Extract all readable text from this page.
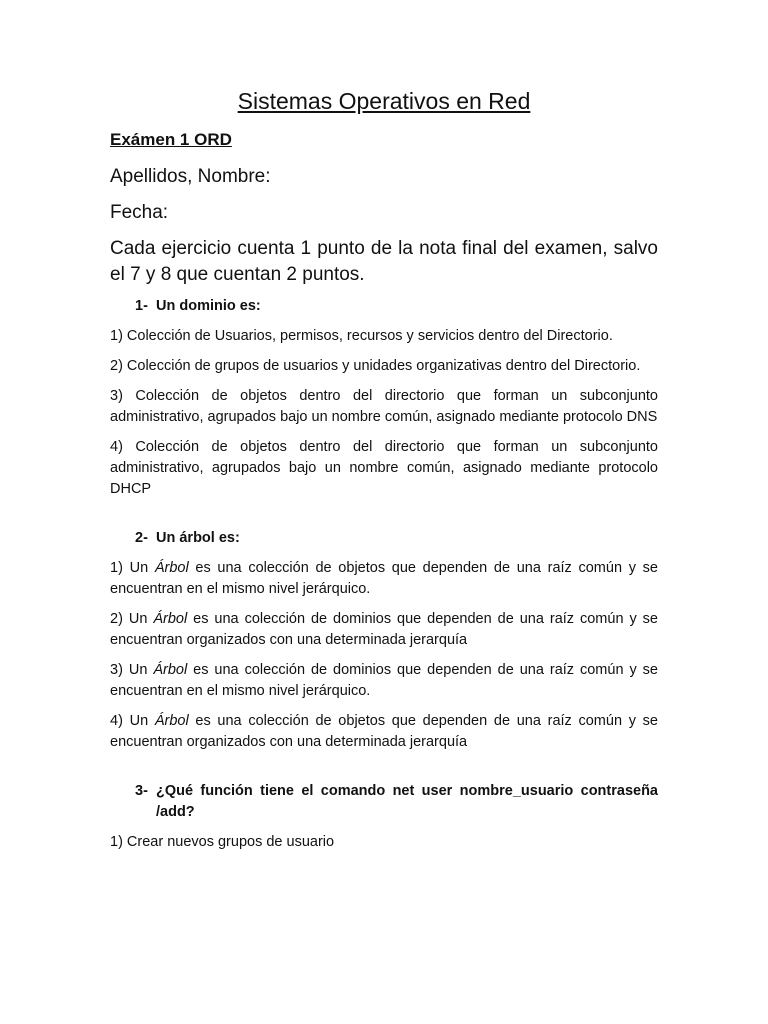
Sistemas Operativos en Red
Exámen 1 ORD
Apellidos, Nombre:
Fecha:
Cada ejercicio cuenta 1 punto de la nota final del examen, salvo el 7 y 8 que cuentan 2 puntos.
1- Un dominio es:
1) Colección de Usuarios, permisos, recursos y servicios dentro del Directorio.
2) Colección de grupos de usuarios y unidades organizativas dentro del Directorio.
3) Colección de objetos dentro del directorio que forman un subconjunto administrativo, agrupados bajo un nombre común, asignado mediante protocolo DNS
4) Colección de objetos dentro del directorio que forman un subconjunto administrativo, agrupados bajo un nombre común, asignado mediante protocolo DHCP
2- Un árbol es:
1) Un Árbol es una colección de objetos que dependen de una raíz común y se encuentran en el mismo nivel jerárquico.
2) Un Árbol es una colección de dominios que dependen de una raíz común y se encuentran organizados con una determinada jerarquía
3) Un Árbol es una colección de dominios que dependen de una raíz común y se encuentran en el mismo nivel jerárquico.
4) Un Árbol es una colección de objetos que dependen de una raíz común y se encuentran organizados con una determinada jerarquía
3- ¿Qué función tiene el comando net user nombre_usuario contraseña /add?
1) Crear nuevos grupos de usuario
